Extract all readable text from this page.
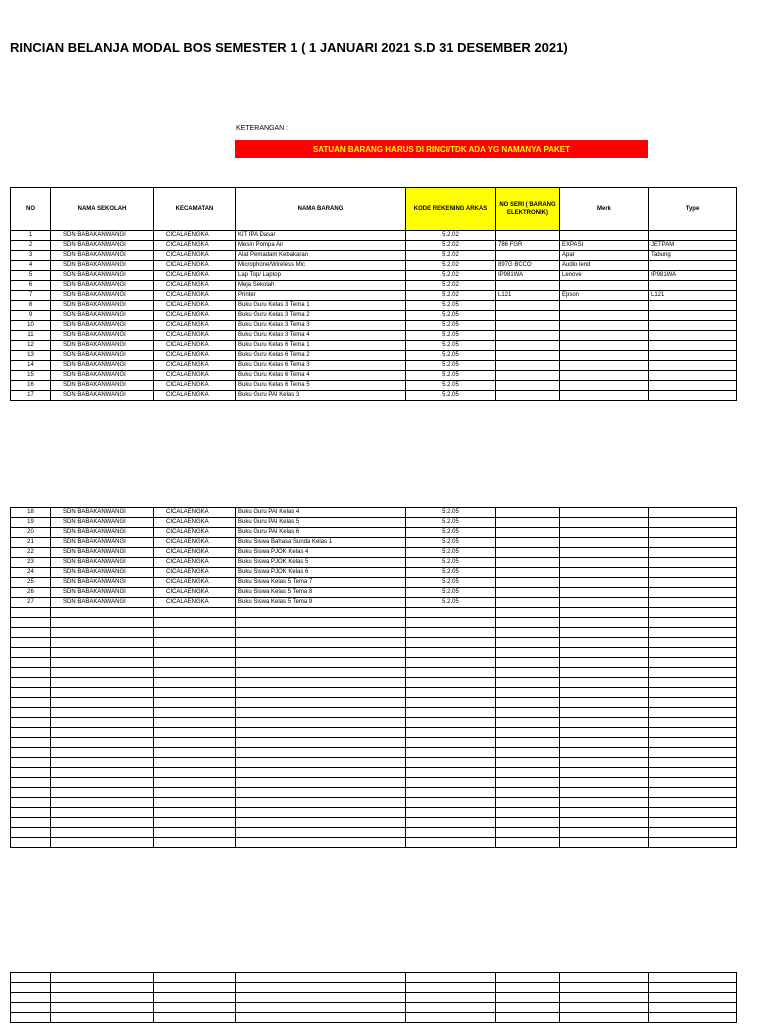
RINCIAN BELANJA MODAL BOS SEMESTER 1 ( 1 JANUARI 2021 S.D 31 DESEMBER 2021)
KETERANGAN :
SATUAN BARANG HARUS DI RINCI/TDK ADA YG NAMANYA PAKET
NO	NAMA SEKOLAH	KECAMATAN	NAMA BARANG	KODE REKENING ARKAS	NO SERI ( BARANG ELEKTRONIK)	Merk	Type
1	SDN BABAKANWANGI	CICALAENGKA	KIT IPA Dasar	5.2.02			
2	SDN BABAKANWANGI	CICALAENGKA	Mesin Pompa Air	5.2.02	786 FGR	EXPASI	JETPAM
3	SDN BABAKANWANGI	CICALAENGKA	Alat Pemadam Kebakaran	5.2.02		Apar	Tabung
4	SDN BABAKANWANGI	CICALAENGKA	Microphone/Wireless Mic	5.2.02	897G BCCO	Audio lend	
5	SDN BABAKANWANGI	CICALAENGKA	Lap Top/ Laptop	5.2.02	IP981WA	Lenove	IP981WA
6	SDN BABAKANWANGI	CICALAENGKA	Meja Sekolah	5.2.02			
7	SDN BABAKANWANGI	CICALAENGKA	Printer	5.2.02	L121	Epson	L121
8	SDN BABAKANWANGI	CICALAENGKA	Buku Guru Kelas 3 Tema 1	5.2.05			
9	SDN BABAKANWANGI	CICALAENGKA	Buku Guru Kelas 3 Tema 2	5.2.05			
10	SDN BABAKANWANGI	CICALAENGKA	Buku Guru Kelas 3 Tema 3	5.2.05			
11	SDN BABAKANWANGI	CICALAENGKA	Buku Guru Kelas 3 Tema 4	5.2.05			
12	SDN BABAKANWANGI	CICALAENGKA	Buku Guru Kelas 6 Tema 1	5.2.05			
13	SDN BABAKANWANGI	CICALAENGKA	Buku Guru Kelas 6 Tema 2	5.2.05			
14	SDN BABAKANWANGI	CICALAENGKA	Buku Guru Kelas 6 Tema 3	5.2.05			
15	SDN BABAKANWANGI	CICALAENGKA	Buku Guru Kelas 6 Tema 4	5.2.05			
16	SDN BABAKANWANGI	CICALAENGKA	Buku Guru Kelas 6 Tema 5	5.2.05			
17	SDN BABAKANWANGI	CICALAENGKA	Buku Guru PAI Kelas 3	5.2.05			
18	SDN BABAKANWANGI	CICALAENGKA	Buku Guru PAI Kelas 4	5.2.05			
19	SDN BABAKANWANGI	CICALAENGKA	Buku Guru PAI Kelas 5	5.2.05			
20	SDN BABAKANWANGI	CICALAENGKA	Buku Guru PAI Kelas 6	5.2.05			
21	SDN BABAKANWANGI	CICALAENGKA	Buku Siswa Bahasa Sunda Kelas 1	5.2.05			
22	SDN BABAKANWANGI	CICALAENGKA	Buku Siswa PJOK Kelas 4	5.2.05			
23	SDN BABAKANWANGI	CICALAENGKA	Buku Siswa PJOK Kelas 5	5.2.05			
24	SDN BABAKANWANGI	CICALAENGKA	Buku Siswa PJOK Kelas 6	5.2.05			
25	SDN BABAKANWANGI	CICALAENGKA	Buku Siswa Kelas 5 Tema 7	5.2.05			
26	SDN BABAKANWANGI	CICALAENGKA	Buku Siswa Kelas 5 Tema 8	5.2.05			
27	SDN BABAKANWANGI	CICALAENGKA	Buku Siswa Kelas 5 Tema 9	5.2.05			
